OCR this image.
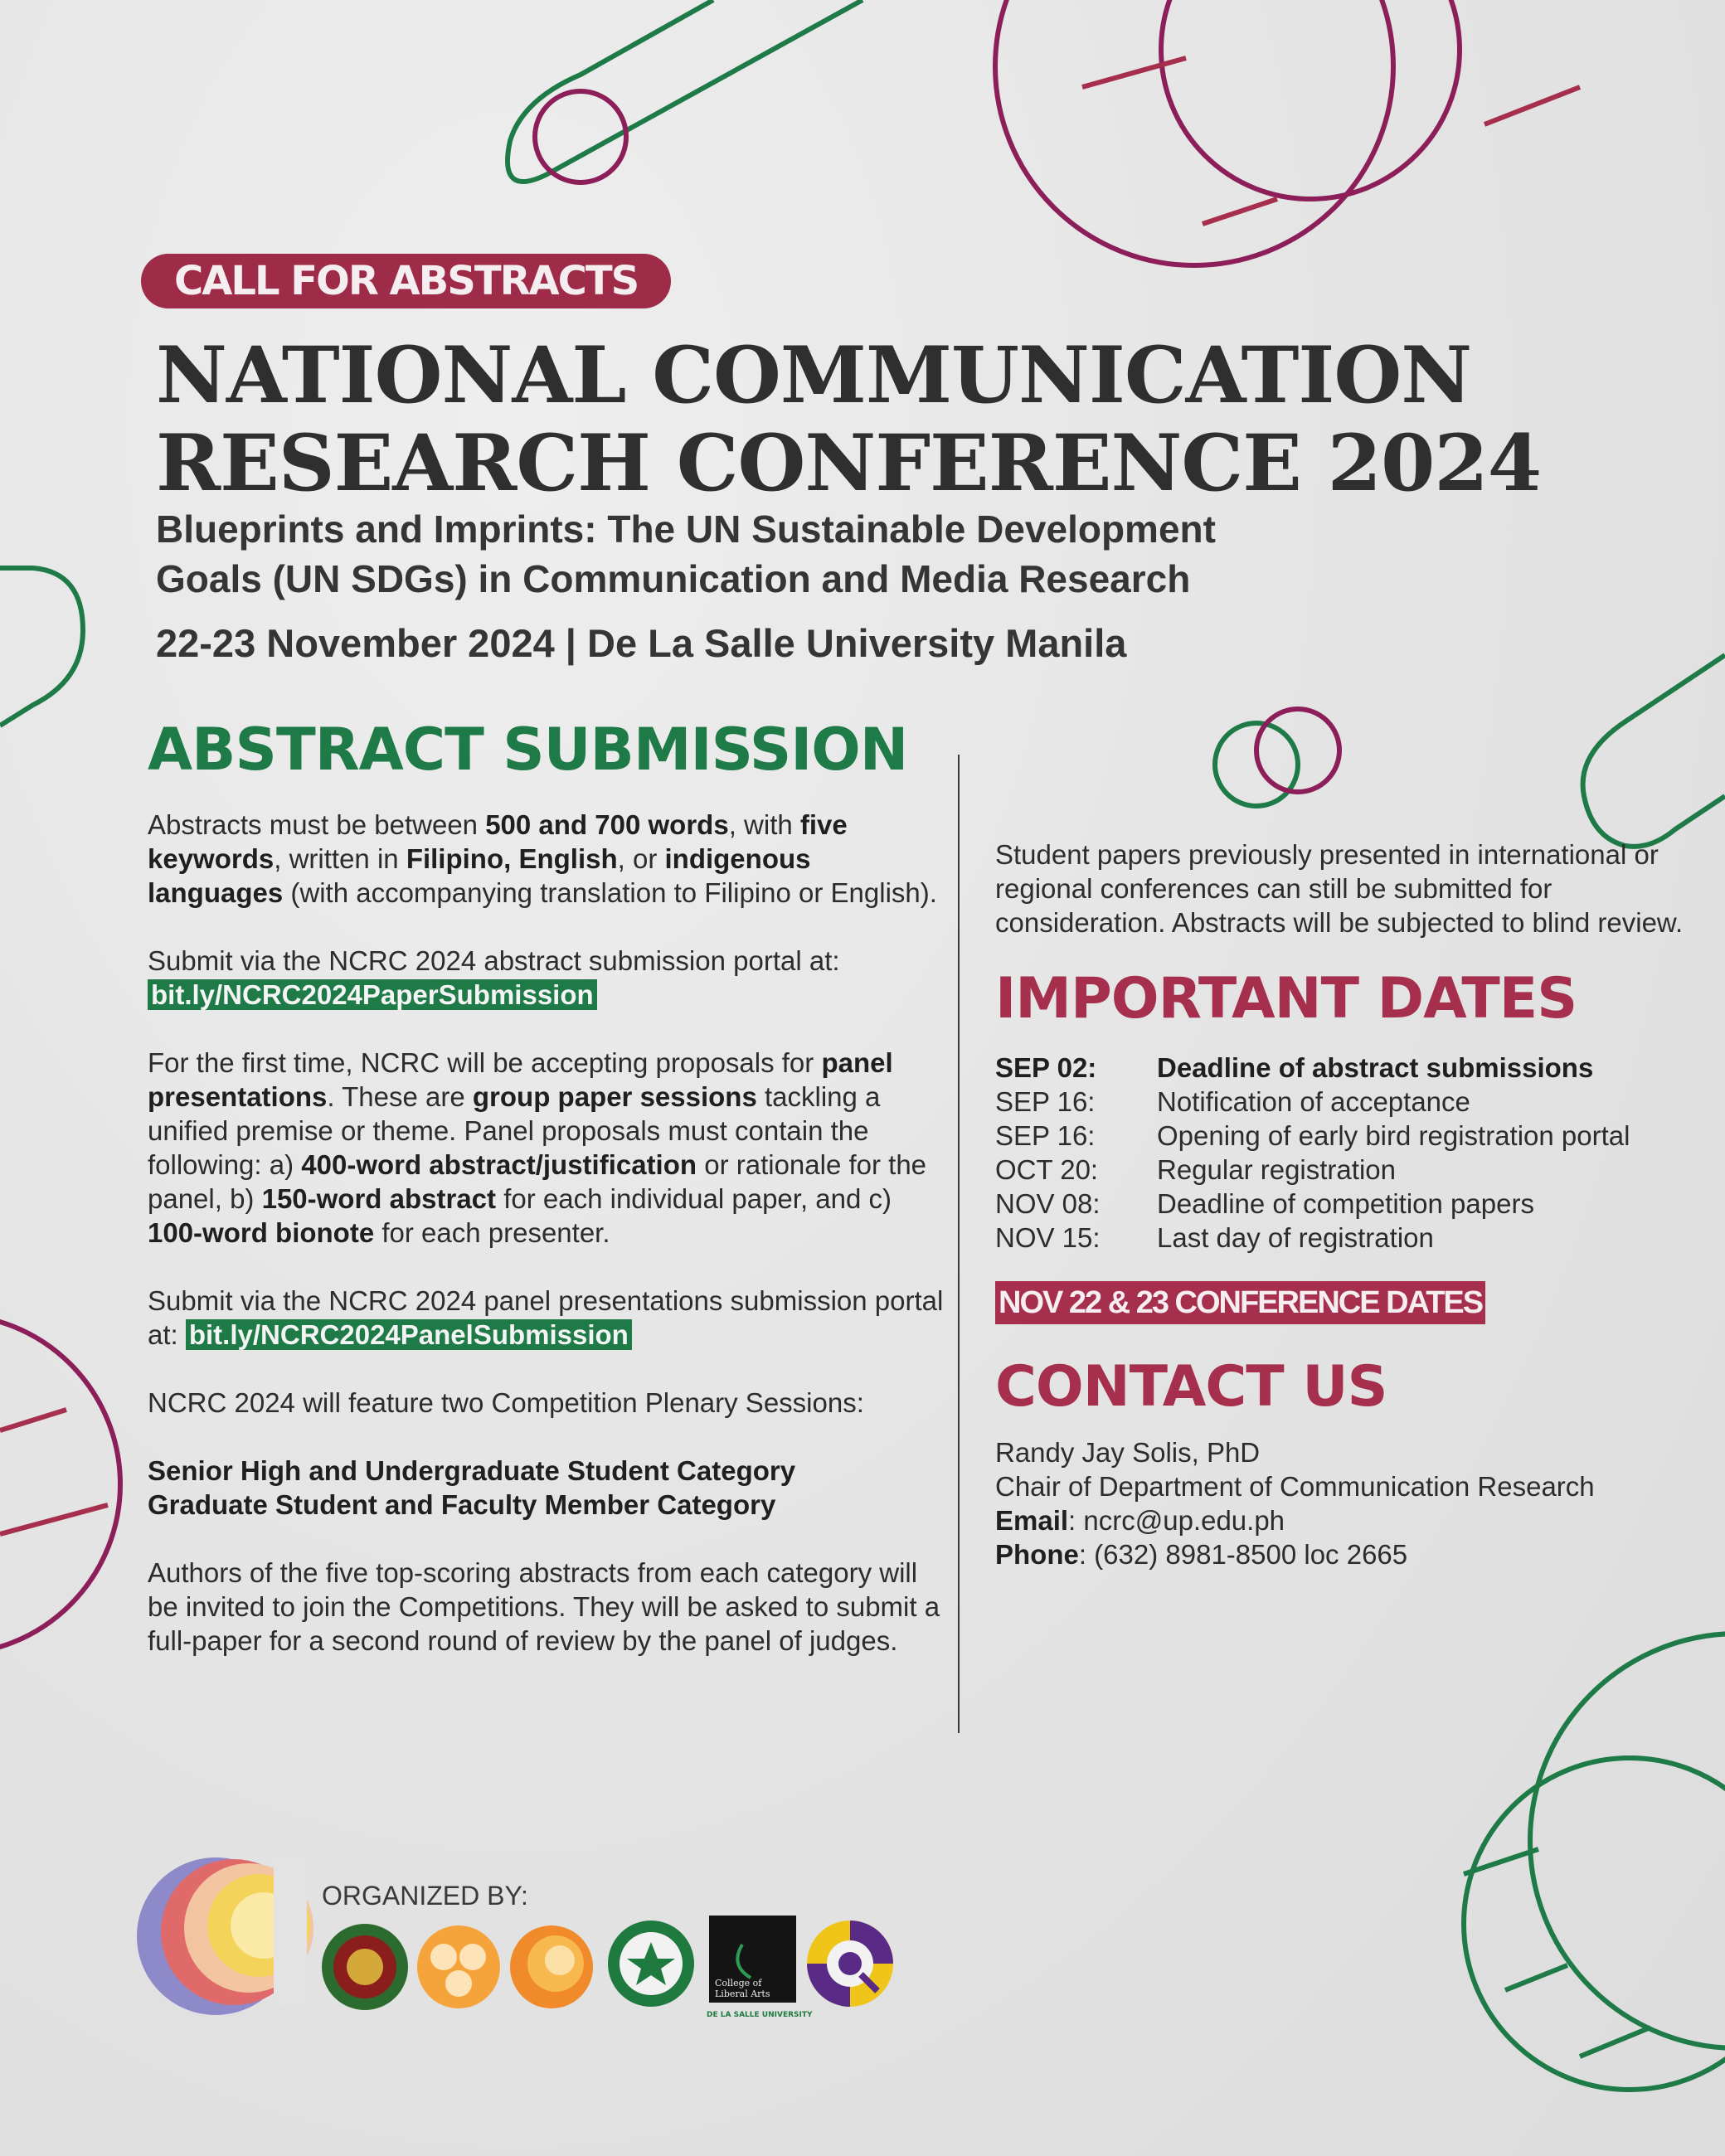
CALL FOR ABSTRACTS
NATIONAL COMMUNICATION
RESEARCH CONFERENCE 2024
Blueprints and Imprints: The UN Sustainable Development
Goals (UN SDGs) in Communication and Media Research
22-23 November 2024 | De La Salle University Manila
ABSTRACT SUBMISSION

Abstracts must be between 500 and 700 words, with five keywords, written in Filipino, English, or indigenous languages (with accompanying translation to Filipino or English).

Submit via the NCRC 2024 abstract submission portal at:
bit.ly/NCRC2024PaperSubmission

For the first time, NCRC will be accepting proposals for panel presentations. These are group paper sessions tackling a unified premise or theme. Panel proposals must contain the following: a) 400-word abstract/justification or rationale for the panel, b) 150-word abstract for each individual paper, and c) 100-word bionote for each presenter.

Submit via the NCRC 2024 panel presentations submission portal at: bit.ly/NCRC2024PanelSubmission

NCRC 2024 will feature two Competition Plenary Sessions:

Senior High and Undergraduate Student Category
Graduate Student and Faculty Member Category

Authors of the five top-scoring abstracts from each category will be invited to join the Competitions. They will be asked to submit a full-paper for a second round of review by the panel of judges.

Student papers previously presented in international or regional conferences can still be submitted for consideration. Abstracts will be subjected to blind review.

IMPORTANT DATES
SEP 02:	Deadline of abstract submissions
SEP 16:	Notification of acceptance
SEP 16:	Opening of early bird registration portal
OCT 20:	Regular registration
NOV 08:	Deadline of competition papers
NOV 15:	Last day of registration
NOV 22 & 23 CONFERENCE DATES
CONTACT US
Randy Jay Solis, PhD
Chair of Department of Communication Research
Email: ncrc@up.edu.ph
Phone: (632) 8981-8500 loc 2665
ORGANIZED BY:
College of
Liberal Arts
DE LA SALLE UNIVERSITY
